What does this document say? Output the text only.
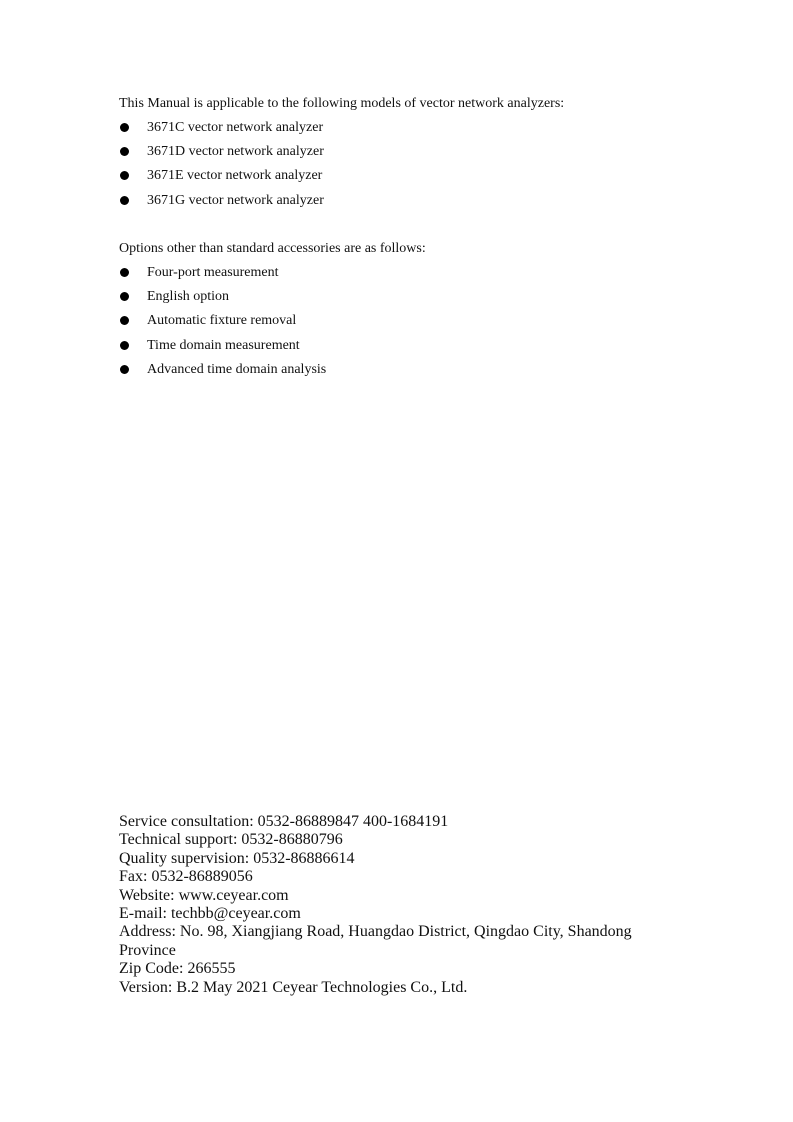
This Manual is applicable to the following models of vector network analyzers:

3671C vector network analyzer
3671D vector network analyzer
3671E vector network analyzer
3671G vector network analyzer

Options other than standard accessories are as follows:

Four-port measurement
English option
Automatic fixture removal
Time domain measurement
Advanced time domain analysis
Service consultation: 0532-86889847 400-1684191
Technical support: 0532-86880796
Quality supervision: 0532-86886614
Fax: 0532-86889056
Website: www.ceyear.com
E-mail: techbb@ceyear.com
Address: No. 98, Xiangjiang Road, Huangdao District, Qingdao City, Shandong Province
Zip Code: 266555
Version: B.2 May 2021 Ceyear Technologies Co., Ltd.
